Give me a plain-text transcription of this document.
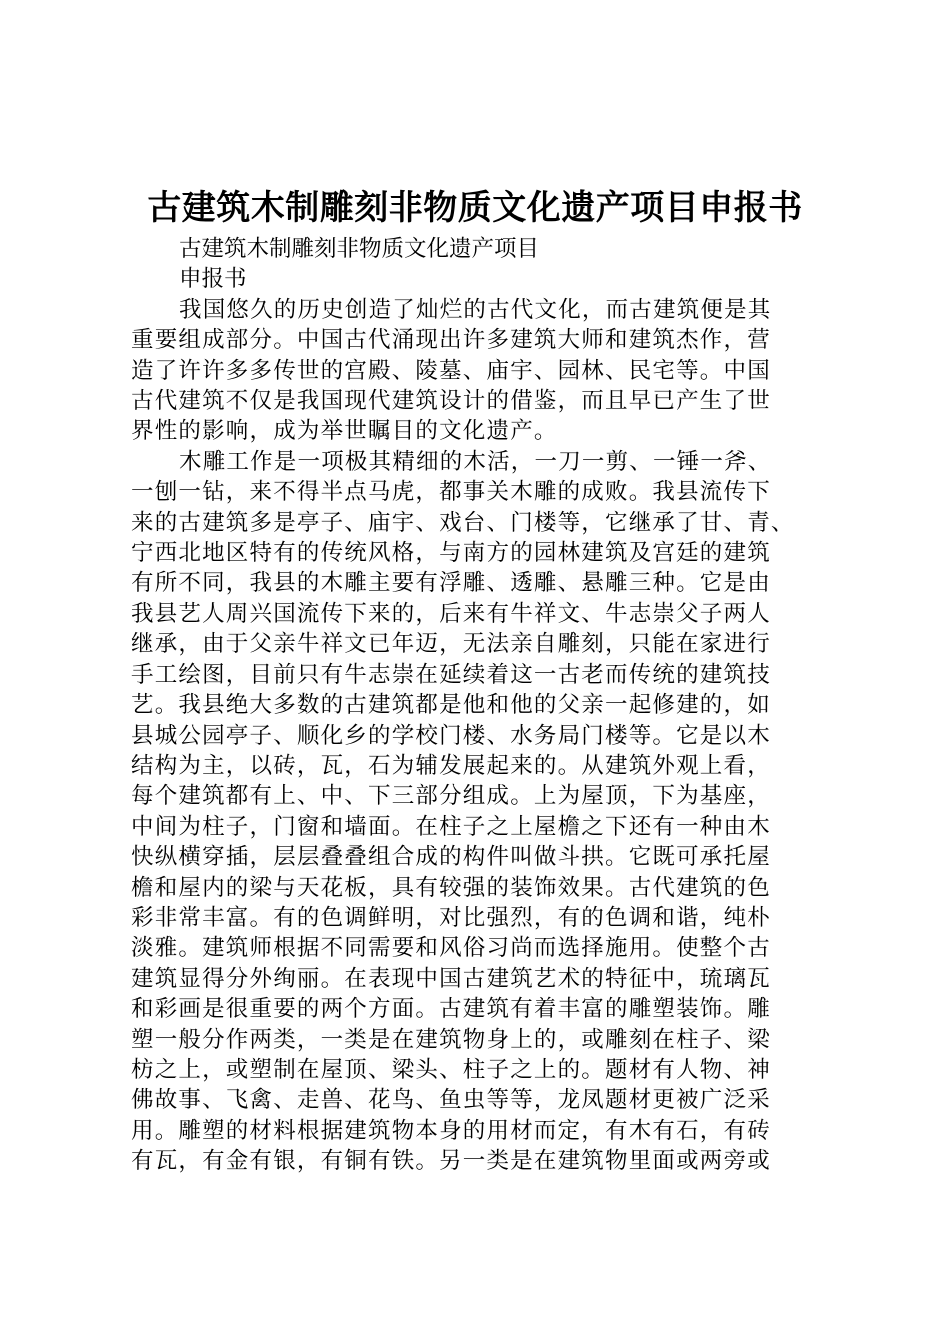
古建筑木制雕刻非物质文化遗产项目申报书

古建筑木制雕刻非物质文化遗产项目

申报书

我国悠久的历史创造了灿烂的古代文化，而古建筑便是其
重要组成部分。中国古代涌现出许多建筑大师和建筑杰作，营
造了许许多多传世的宫殿、陵墓、庙宇、园林、民宅等。中国
古代建筑不仅是我国现代建筑设计的借鉴，而且早已产生了世
界性的影响，成为举世瞩目的文化遗产。
木雕工作是一项极其精细的木活，一刀一剪、一锤一斧、
一刨一钻，来不得半点马虎，都事关木雕的成败。我县流传下
来的古建筑多是亭子、庙宇、戏台、门楼等，它继承了甘、青、
宁西北地区特有的传统风格，与南方的园林建筑及宫廷的建筑
有所不同，我县的木雕主要有浮雕、透雕、悬雕三种。它是由
我县艺人周兴国流传下来的，后来有牛祥文、牛志崇父子两人
继承，由于父亲牛祥文已年迈，无法亲自雕刻，只能在家进行
手工绘图，目前只有牛志崇在延续着这一古老而传统的建筑技
艺。我县绝大多数的古建筑都是他和他的父亲一起修建的，如
县城公园亭子、顺化乡的学校门楼、水务局门楼等。它是以木
结构为主，以砖，瓦，石为辅发展起来的。从建筑外观上看，
每个建筑都有上、中、下三部分组成。上为屋顶，下为基座，
中间为柱子，门窗和墙面。在柱子之上屋檐之下还有一种由木
快纵横穿插，层层叠叠组合成的构件叫做斗拱。它既可承托屋
檐和屋内的梁与天花板，具有较强的装饰效果。古代建筑的色
彩非常丰富。有的色调鲜明，对比强烈，有的色调和谐，纯朴
淡雅。建筑师根据不同需要和风俗习尚而选择施用。使整个古
建筑显得分外绚丽。在表现中国古建筑艺术的特征中，琉璃瓦
和彩画是很重要的两个方面。古建筑有着丰富的雕塑装饰。雕
塑一般分作两类，一类是在建筑物身上的，或雕刻在柱子、梁
枋之上，或塑制在屋顶、梁头、柱子之上的。题材有人物、神
佛故事、飞禽、走兽、花鸟、鱼虫等等，龙凤题材更被广泛采
用。雕塑的材料根据建筑物本身的用材而定，有木有石，有砖
有瓦，有金有银，有铜有铁。另一类是在建筑物里面或两旁或
